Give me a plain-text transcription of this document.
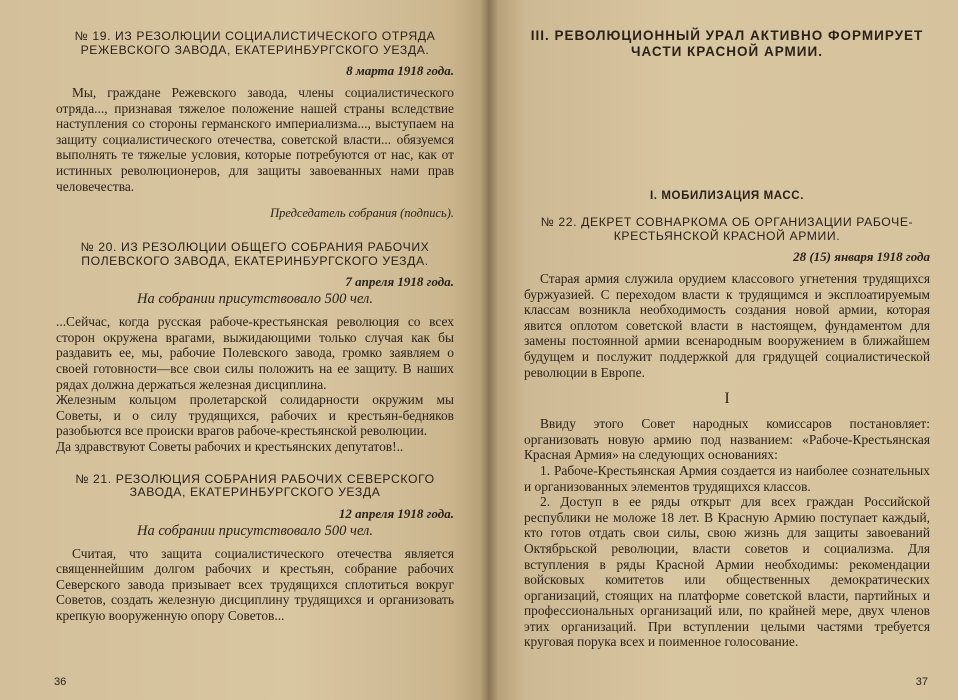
№ 19. ИЗ РЕЗОЛЮЦИИ СОЦИАЛИСТИЧЕСКОГО ОТРЯДА РЕЖЕВСКОГО ЗАВОДА, ЕКАТЕРИНБУРГСКОГО УЕЗДА.

8 марта 1918 года.

Мы, граждане Режевского завода, члены социалистического отряда..., признавая тяжелое положение нашей страны вследствие наступления со стороны германского империализма..., выступаем на защиту социалистического отечества, советской власти... обязуемся выполнять те тяжелые условия, которые потребуются от нас, как от истинных революционеров, для защиты завоеванных нами прав человечества.

Председатель собрания (подпись).

№ 20. ИЗ РЕЗОЛЮЦИИ ОБЩЕГО СОБРАНИЯ РАБОЧИХ ПОЛЕВСКОГО ЗАВОДА, ЕКАТЕРИНБУРГСКОГО УЕЗДА.

7 апреля 1918 года.

На собрании присутствовало 500 чел.

...Сейчас, когда русская рабоче-крестьянская революция со всех сторон окружена врагами, выжидающими только случая как бы раздавить ее, мы, рабочие Полевского завода, громко заявляем о своей готовности—все свои силы положить на ее защиту. В наших рядах должна держаться железная дисциплина.

Железным кольцом пролетарской солидарности окружим мы Советы, и о силу трудящихся, рабочих и крестьян-бедняков разобьются все происки врагов рабоче-крестьянской революции.

Да здравствуют Советы рабочих и крестьянских депутатов!..

№ 21. РЕЗОЛЮЦИЯ СОБРАНИЯ РАБОЧИХ СЕВЕРСКОГО ЗАВОДА, ЕКАТЕРИНБУРГСКОГО УЕЗДА

12 апреля 1918 года.

На собрании присутствовало 500 чел.

Считая, что защита социалистического отечества является священнейшим долгом рабочих и крестьян, собрание рабочих Северского завода призывает всех трудящихся сплотиться вокруг Советов, создать железную дисциплину трудящихся и организовать крепкую вооруженную опору Советов...

36

III. РЕВОЛЮЦИОННЫЙ УРАЛ АКТИВНО ФОРМИРУЕТ ЧАСТИ КРАСНОЙ АРМИИ.

I. МОБИЛИЗАЦИЯ МАСС.

№ 22. ДЕКРЕТ СОВНАРКОМА ОБ ОРГАНИЗАЦИИ РАБОЧЕ-КРЕСТЬЯНСКОЙ КРАСНОЙ АРМИИ.

28 (15) января 1918 года

Старая армия служила орудием классового угнетения трудящихся буржуазией. С переходом власти к трудящимся и эксплоатируемым классам возникла необходимость создания новой армии, которая явится оплотом советской власти в настоящем, фундаментом для замены постоянной армии всенародным вооружением в ближайшем будущем и послужит поддержкой для грядущей социалистической революции в Европе.

I

Ввиду этого Совет народных комиссаров постановляет: организовать новую армию под названием: «Рабоче-Крестьянская Красная Армия» на следующих основаниях:

1. Рабоче-Крестьянская Армия создается из наиболее сознательных и организованных элементов трудящихся классов.

2. Доступ в ее ряды открыт для всех граждан Российской республики не моложе 18 лет. В Красную Армию поступает каждый, кто готов отдать свои силы, свою жизнь для защиты завоеваний Октябрьской революции, власти советов и социализма. Для вступления в ряды Красной Армии необходимы: рекомендации войсковых комитетов или общественных демократических организаций, стоящих на платформе советской власти, партийных и профессиональных организаций или, по крайней мере, двух членов этих организаций. При вступлении целыми частями требуется круговая порука всех и поименное голосование.

37
